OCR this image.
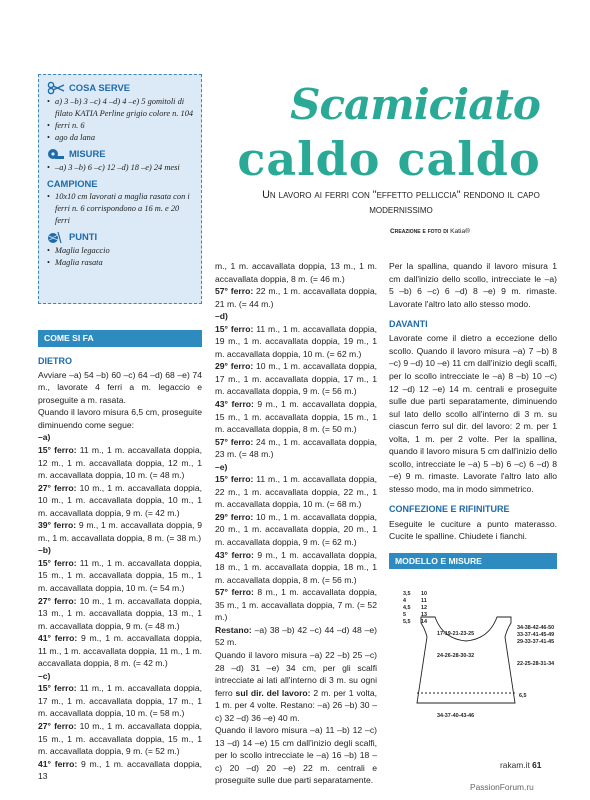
COSA SERVE
• a) 3 –b) 3 –c) 4 –d) 4 –e) 5 gomitoli di filato KATIA Perline grigio colore n. 104
• ferri n. 6
• ago da lana
MISURE
• –a) 3 –b) 6 –c) 12 –d) 18 –e) 24 mesi
CAMPIONE
• 10x10 cm lavorati a maglia rasata con i ferri n. 6 corrispondono a 16 m. e 20 ferri
PUNTI
• Maglia legaccio
• Maglia rasata
Scamiciato
caldo caldo
Un lavoro ai ferri con "effetto pelliccia" rendono il capo modernissimo
Creazione e foto di Katia®
COME SI FA
DIETRO

Avviare –a) 54 –b) 60 –c) 64 –d) 68 –e) 74 m., lavorate 4 ferri a m. legaccio e proseguite a m. rasata.

Quando il lavoro misura 6,5 cm, proseguite diminuendo come segue:

–a)

15° ferro: 11 m., 1 m. accavallata doppia, 12 m., 1 m. accavallata doppia, 12 m., 1 m. accavallata doppia, 10 m. (= 48 m.)

27° ferro: 10 m., 1 m. accavallata doppia, 10 m., 1 m. accavallata doppia, 10 m., 1 m. accavallata doppia, 9 m. (= 42 m.)

39° ferro: 9 m., 1 m. accavallata doppia, 9 m., 1 m. accavallata doppia, 8 m. (= 38 m.)

–b)

15° ferro: 11 m., 1 m. accavallata doppia, 15 m., 1 m. accavallata doppia, 15 m., 1 m. accavallata doppia, 10 m. (= 54 m.)

27° ferro: 10 m., 1 m. accavallata doppia, 13 m., 1 m. accavallata doppia, 13 m., 1 m. accavallata doppia, 9 m. (= 48 m.)

41° ferro: 9 m., 1 m. accavallata doppia, 11 m., 1 m. accavallata doppia, 11 m., 1 m. accavallata doppia, 8 m. (= 42 m.)

–c)

15° ferro: 11 m., 1 m. accavallata doppia, 17 m., 1 m. accavallata doppia, 17 m., 1 m. accavallata doppia, 10 m. (= 58 m.)

27° ferro: 10 m., 1 m. accavallata doppia, 15 m., 1 m. accavallata doppia, 15 m., 1 m. accavallata doppia, 9 m. (= 52 m.)

41° ferro: 9 m., 1 m. accavallata doppia, 13

m., 1 m. accavallata doppia, 13 m., 1 m. accavallata doppia, 8 m. (= 46 m.)

57° ferro: 22 m., 1 m. accavallata doppia, 21 m. (= 44 m.)

–d)

15° ferro: 11 m., 1 m. accavallata doppia, 19 m., 1 m. accavallata doppia, 19 m., 1 m. accavallata doppia, 10 m. (= 62 m.)

29° ferro: 10 m., 1 m. accavallata doppia, 17 m., 1 m. accavallata doppia, 17 m., 1 m. accavallata doppia, 9 m. (= 56 m.)

43° ferro: 9 m., 1 m. accavallata doppia, 15 m., 1 m. accavallata doppia, 15 m., 1 m. accavallata doppia, 8 m. (= 50 m.)

57° ferro: 24 m., 1 m. accavallata doppia, 23 m. (= 48 m.)

–e)

15° ferro: 11 m., 1 m. accavallata doppia, 22 m., 1 m. accavallata doppia, 22 m., 1 m. accavallata doppia, 10 m. (= 68 m.)

29° ferro: 10 m., 1 m. accavallata doppia, 20 m., 1 m. accavallata doppia, 20 m., 1 m. accavallata doppia, 9 m. (= 62 m.)

43° ferro: 9 m., 1 m. accavallata doppia, 18 m., 1 m. accavallata doppia, 18 m., 1 m. accavallata doppia, 8 m. (= 56 m.)

57° ferro: 8 m., 1 m. accavallata doppia, 35 m., 1 m. accavallata doppia, 7 m. (= 52 m.)

Restano: –a) 38 –b) 42 –c) 44 –d) 48 –e) 52 m.

Quando il lavoro misura –a) 22 –b) 25 –c) 28 –d) 31 –e) 34 cm, per gli scalfi intrecciate ai lati all'interno di 3 m. su ogni ferro sul dir. del lavoro: 2 m. per 1 volta, 1 m. per 4 volte. Restano: –a) 26 –b) 30 –c) 32 –d) 36 –e) 40 m.

Quando il lavoro misura –a) 11 –b) 12 –c) 13 –d) 14 –e) 15 cm dall'inizio degli scalfi, per lo scollo intrecciate le –a) 16 –b) 18 –c) 20 –d) 20 –e) 22 m. centrali e proseguite sulle due parti separatamente.

Per la spallina, quando il lavoro misura 1 cm dall'inizio dello scollo, intrecciate le –a) 5 –b) 6 –c) 6 –d) 8 –e) 9 m. rimaste. Lavorate l'altro lato allo stesso modo.

DAVANTI

Lavorate come il dietro a eccezione dello scollo. Quando il lavoro misura –a) 7 –b) 8 –c) 9 –d) 10 –e) 11 cm dall'inizio degli scalfi, per lo scollo intrecciate le –a) 8 –b) 10 –c) 12 –d) 12 –e) 14 m. centrali e proseguite sulle due parti separatamente, diminuendo sul lato dello scollo all'interno di 3 m. su ciascun ferro sul dir. del lavoro: 2 m. per 1 volta, 1 m. per 2 volte. Per la spallina, quando il lavoro misura 5 cm dall'inizio dello scollo, intrecciate le –a) 5 –b) 6 –c) 6 –d) 8 –e) 9 m. rimaste. Lavorate l'altro lato allo stesso modo, ma in modo simmetrico.

CONFEZIONE E RIFINITURE

Eseguite le cuciture a punto materasso. Cucite le spalline. Chiudete i fianchi.

MODELLO E MISURE
3,5
4
4,5
5
5,5
10
11
12
13
14
17-19-21-23-25
34-38-42-46-50
33-37-41-45-49
29-33-37-41-45
24-26-28-30-32
22-25-28-31-34
6,5
34-37-40-43-46
rakam.it 61
PassionForum.ru
